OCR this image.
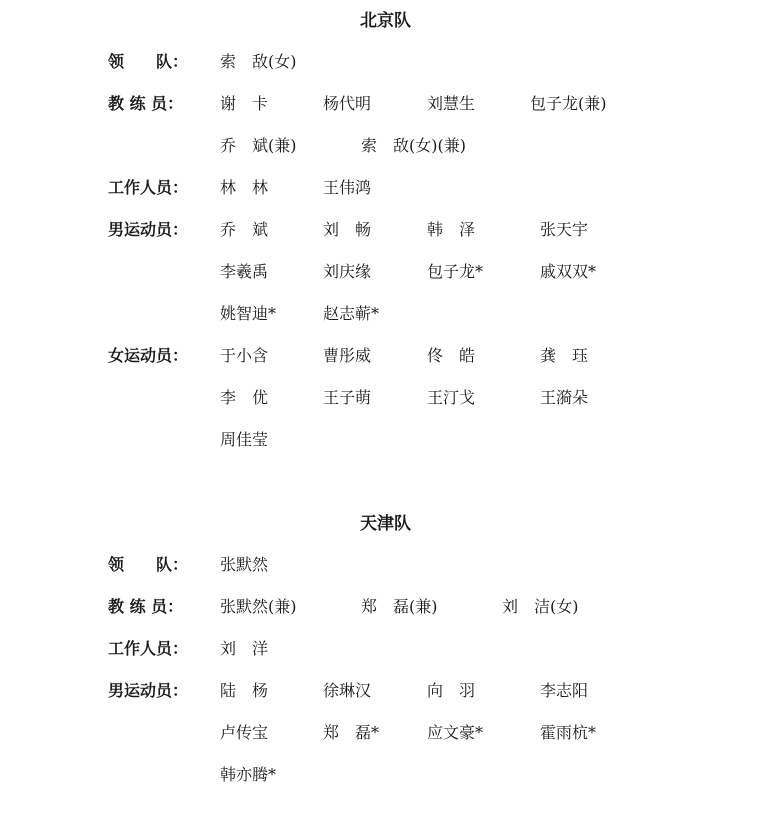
北京队
领　　队： 索　敌(女)
教 练 员： 谢　卡	杨代明	刘慧生	包子龙(兼)
乔　斌(兼)	索　敌(女)(兼)
工作人员： 林　林	王伟鸿
男运动员： 乔　斌	刘　畅	韩　泽	张天宇
李羲禹	刘庆缘	包子龙*	戚双双*
姚智迪*	赵志蕲*
女运动员： 于小含	曹彤威	佟　皓	龚　珏
李　优	王子萌	王汀戈	王漪朵
周佳莹
天津队
领　　队： 张默然
教 练 员： 张默然(兼)	郑　磊(兼)	刘　洁(女)
工作人员： 刘　洋
男运动员： 陆　杨	徐琳汉	向　羽	李志阳
卢传宝	郑　磊*	应文豪*	霍雨杭*
韩亦腾*
